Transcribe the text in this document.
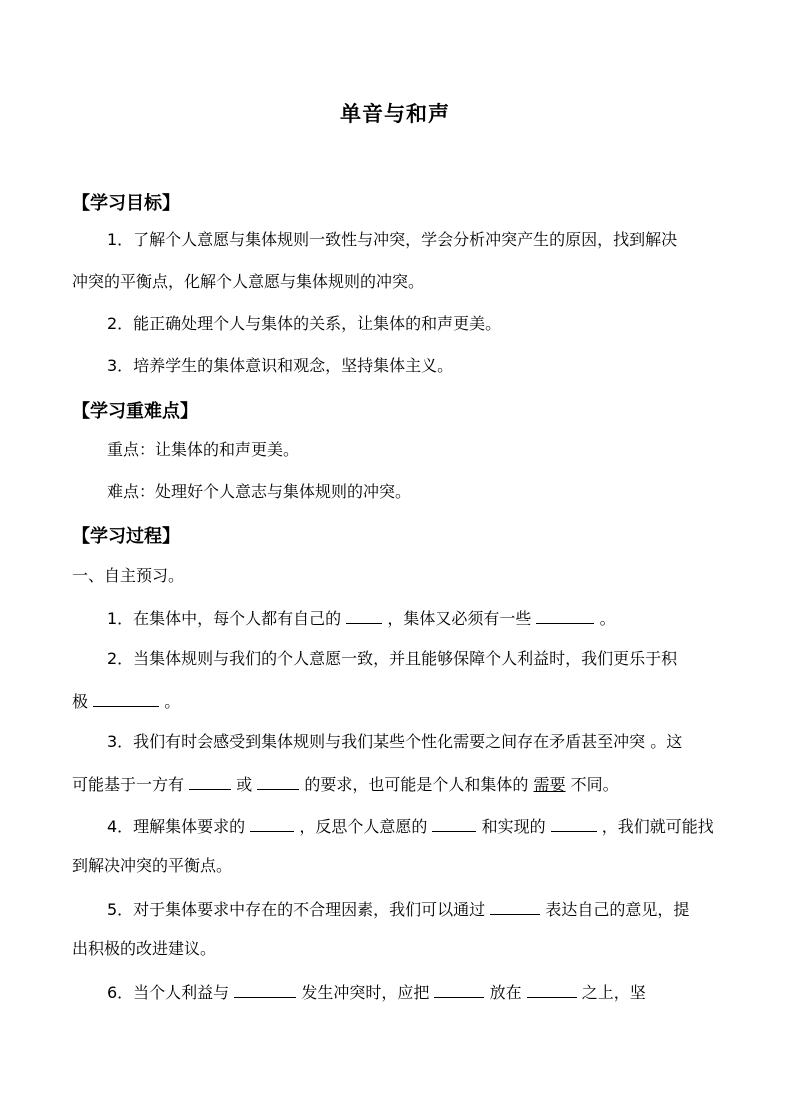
单音与和声
【学习目标】
1．了解个人意愿与集体规则一致性与冲突，学会分析冲突产生的原因，找到解决
冲突的平衡点，化解个人意愿与集体规则的冲突。
2．能正确处理个人与集体的关系，让集体的和声更美。
3．培养学生的集体意识和观念，坚持集体主义。
【学习重难点】
重点：让集体的和声更美。
难点：处理好个人意志与集体规则的冲突。
【学习过程】
一、自主预习。
1．在集体中，每个人都有自己的	，集体又必须有一些	。
2．当集体规则与我们的个人意愿一致，并且能够保障个人利益时，我们更乐于积
极	。
3．我们有时会感受到集体规则与我们某些个性化需要之间存在矛盾甚至冲突 。这
可能基于一方有	或	的要求，也可能是个人和集体的 需要 不同。
4．理解集体要求的	，反思个人意愿的	和实现的	，我们就可能找
到解决冲突的平衡点。
5．对于集体要求中存在的不合理因素，我们可以通过	表达自己的意见，提
出积极的改进建议。
6．当个人利益与	发生冲突时，应把	放在	之上，坚
